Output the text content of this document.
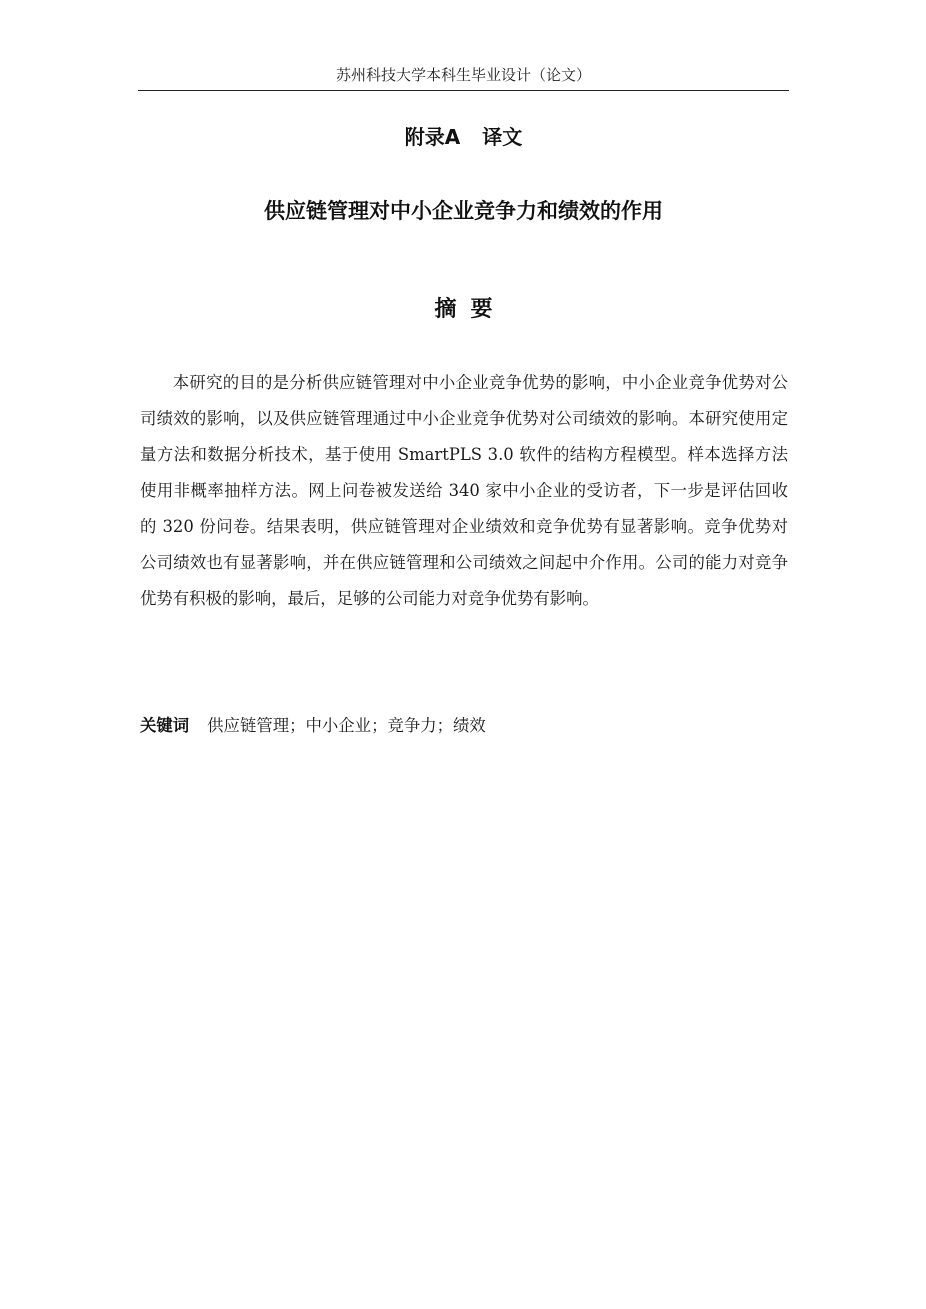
苏州科技大学本科生毕业设计（论文）
附录A 译文
供应链管理对中小企业竞争力和绩效的作用
摘要

本研究的目的是分析供应链管理对中小企业竞争优势的影响，中小企业竞争优势对公司绩效的影响，以及供应链管理通过中小企业竞争优势对公司绩效的影响。本研究使用定量方法和数据分析技术，基于使用 SmartPLS 3.0 软件的结构方程模型。样本选择方法使用非概率抽样方法。网上问卷被发送给 340 家中小企业的受访者，下一步是评估回收的 320 份问卷。结果表明，供应链管理对企业绩效和竞争优势有显著影响。竞争优势对公司绩效也有显著影响，并在供应链管理和公司绩效之间起中介作用。公司的能力对竞争优势有积极的影响，最后，足够的公司能力对竞争优势有影响。

关键词 供应链管理；中小企业；竞争力；绩效
